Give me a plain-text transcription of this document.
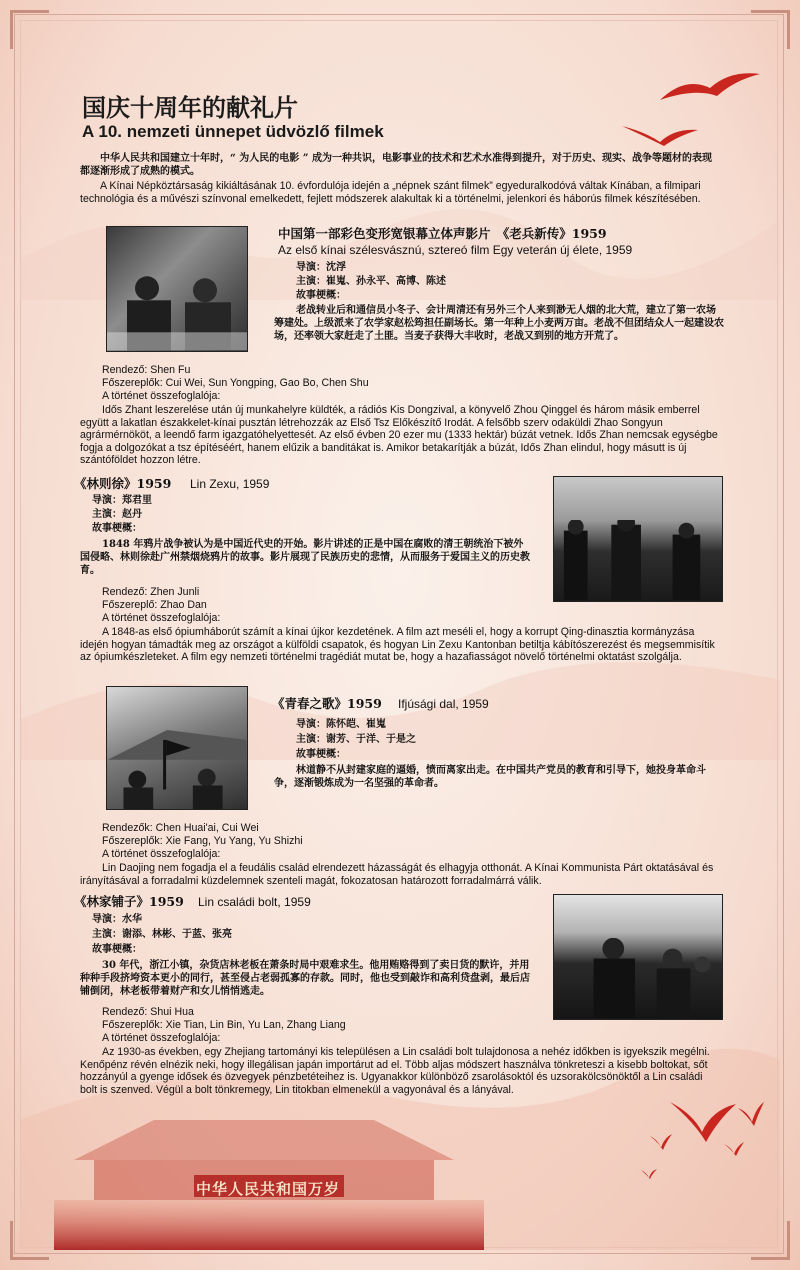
中华人民共和国万岁
国庆十周年的献礼片
A 10. nemzeti ünnepet üdvözlő filmek

中华人民共和国建立十年时，“ 为人民的电影 ” 成为一种共识，电影事业的技术和艺术水准得到提升，对于历史、现实、战争等题材的表现都逐渐形成了成熟的模式。

A Kínai Népköztársaság kikiáltásának 10. évfordulója idején a „népnek szánt filmek” egyeduralkodóvá váltak Kínában, a filmipari technológia és a művészi színvonal emelkedett, fejlett módszerek alakultak ki a történelmi, jelenkori és háborús filmek készítésében.

中国第一部彩色变形宽银幕立体声影片　《老兵新传》1959

Az első kínai szélesvásznú, sztereó film Egy veterán új élete, 1959

导演：沈浮

主演：崔嵬、孙永平、高博、陈述

故事梗概：

老战转业后和通信员小冬子、会计周清还有另外三个人来到渺无人烟的北大荒，建立了第一农场筹建处。上级派来了农学家赵松筠担任副场长。第一年种上小麦两万亩。老战不但团结众人一起建设农场，还率领大家赶走了土匪。当麦子获得大丰收时，老战又到别的地方开荒了。

Rendező: Shen Fu

Főszereplők: Cui Wei, Sun Yongping, Gao Bo, Chen Shu

A történet összefoglalója:

Idős Zhant leszerelése után új munkahelyre küldték, a rádiós Kis Dongzival, a könyvelő Zhou Qinggel és három másik emberrel együtt a lakatlan északkelet-kínai pusztán létrehozzák az Első Tsz Előkészítő Irodát. A felsőbb szerv odaküldi Zhao Songyun agrármérnököt, a leendő farm igazgatóhelyettesét. Az első évben 20 ezer mu (1333 hektár) búzát vetnek. Idős Zhan nemcsak egységbe fogja a dolgozókat a tsz építéséért, hanem elűzik a banditákat is. Amikor betakarítják a búzát, Idős Zhan elindul, hogy másutt is új szántóföldet hozzon létre.

《林则徐》1959 Lin Zexu, 1959

导演：郑君里

主演：赵丹

故事梗概：

1848 年鸦片战争被认为是中国近代史的开始。影片讲述的正是中国在腐败的清王朝统治下被外国侵略、林则徐赴广州禁烟烧鸦片的故事。影片展现了民族历史的悲情，从而服务于爱国主义的历史教育。

Rendező: Zhen Junli

Főszereplő: Zhao Dan

A történet összefoglalója:

A 1848-as első ópiumháborút számít a kínai újkor kezdetének. A film azt meséli el, hogy a korrupt Qing-dinasztia kormányzása idején hogyan támadták meg az országot a külföldi csapatok, és hogyan Lin Zexu Kantonban betiltja kábítószerezést és megsemmisítik az ópiumkészleteket. A film egy nemzeti történelmi tragédiát mutat be, hogy a hazafiasságot növelő történelmi oktatást szolgálja.

《青春之歌》1959 Ifjúsági dal, 1959

导演：陈怀皑、崔嵬

主演：谢芳、于洋、于是之

故事梗概：

林道静不从封建家庭的逼婚，愤而离家出走。在中国共产党员的教育和引导下，她投身革命斗争，逐渐锻炼成为一名坚强的革命者。

Rendezők: Chen Huai'ai, Cui Wei

Főszereplők: Xie Fang, Yu Yang, Yu Shizhi

A történet összefoglalója:

Lin Daojing nem fogadja el a feudális család elrendezett házasságát és elhagyja otthonát. A Kínai Kommunista Párt oktatásával és irányításával a forradalmi küzdelemnek szenteli magát, fokozatosan határozott forradalmárrá válik.

《林家铺子》1959 Lin családi bolt, 1959

导演：水华

主演：谢添、林彬、于蓝、张亮

故事梗概：

30 年代，浙江小镇，杂货店林老板在萧条时局中艰难求生。他用贿赂得到了卖日货的默许，并用种种手段挤垮资本更小的同行，甚至侵占老弱孤寡的存款。同时，他也受到敲诈和高利贷盘剥，最后店铺倒闭，林老板带着财产和女儿悄悄逃走。

Rendező: Shui Hua

Főszereplők: Xie Tian, Lin Bin, Yu Lan, Zhang Liang

A történet összefoglalója:

Az 1930-as években, egy Zhejiang tartományi kis településen a Lin családi bolt tulajdonosa a nehéz időkben is igyekszik megélni. Kenőpénz révén elnézik neki, hogy illegálisan japán importárut ad el. Több aljas módszert használva tönkreteszi a kisebb boltokat, sőt hozzányúl a gyenge idősek és özvegyek pénzbetéteihez is. Ugyanakkor különböző zsarolásoktól és uzsorakölcsönöktől a Lin családi bolt is szenved. Végül a bolt tönkremegy, Lin titokban elmenekül a vagyonával és a lányával.
